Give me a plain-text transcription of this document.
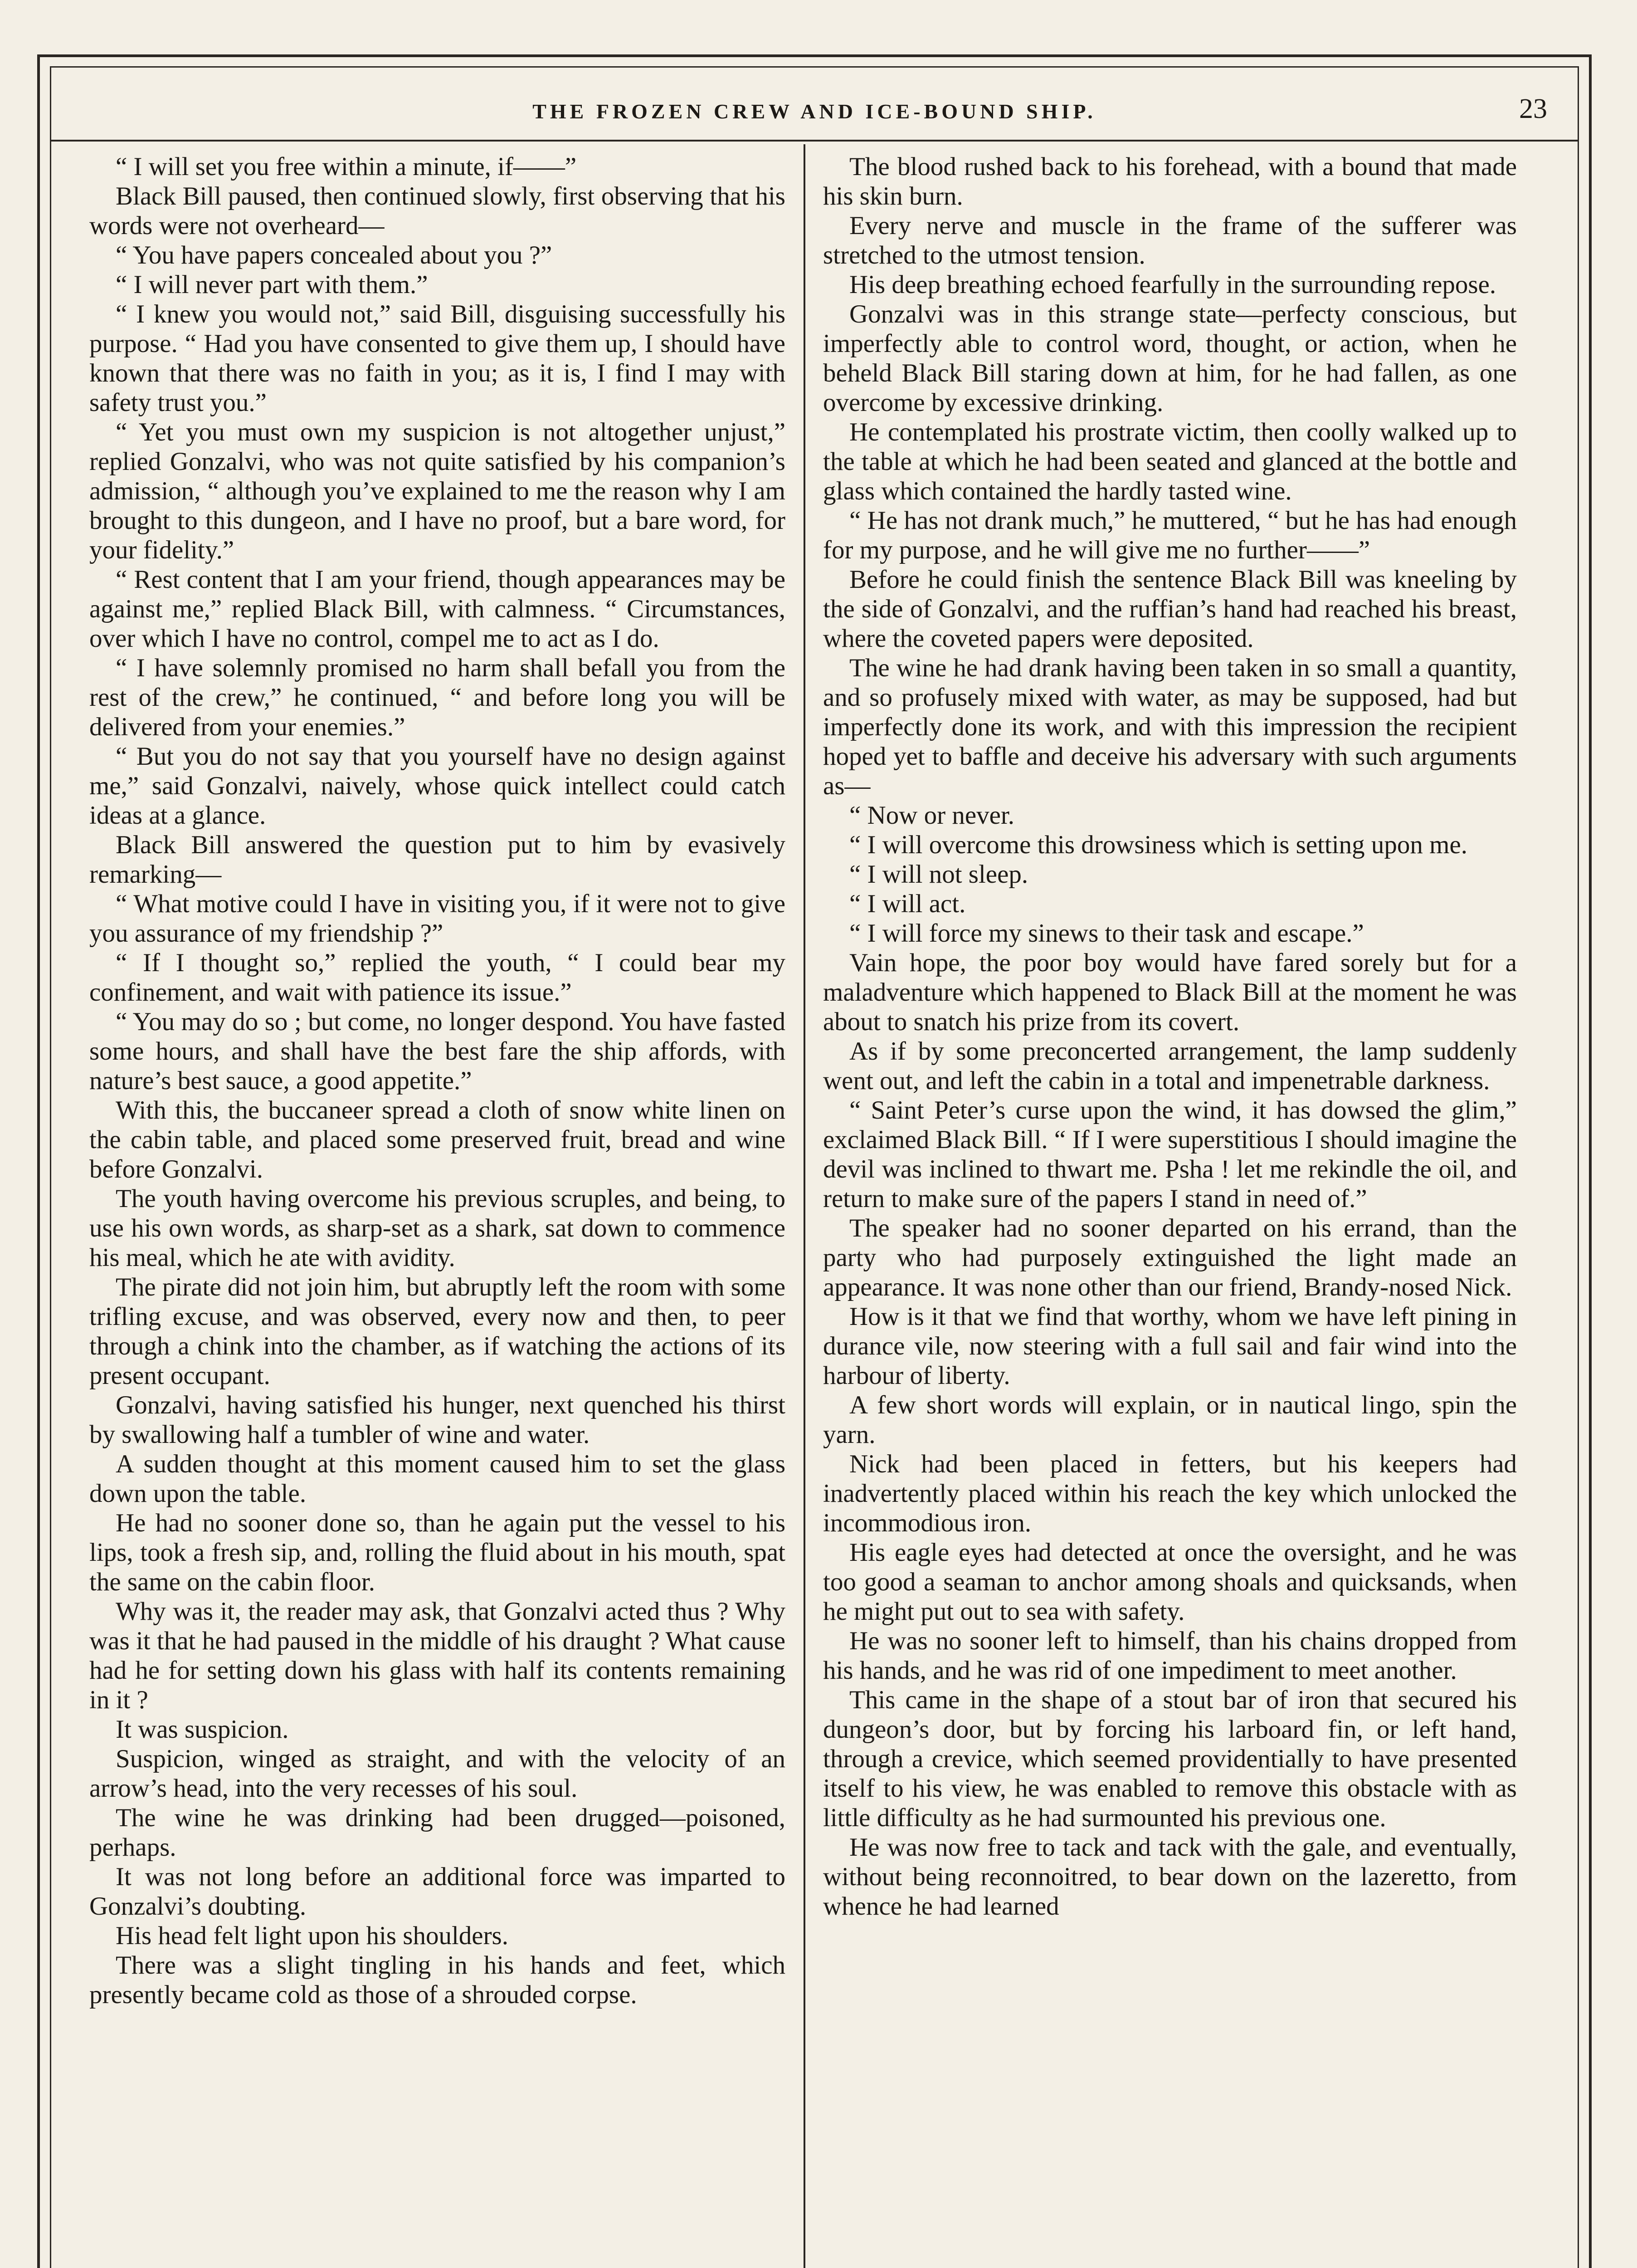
THE FROZEN CREW AND ICE-BOUND SHIP.	23

“ I will set you free within a minute, if——”

Black Bill paused, then continued slowly, first observing that his words were not overheard—

“ You have papers concealed about you ?”

“ I will never part with them.”

“ I knew you would not,” said Bill, disguising successfully his purpose. “ Had you have consented to give them up, I should have known that there was no faith in you; as it is, I find I may with safety trust you.”

“ Yet you must own my suspicion is not altogether unjust,” replied Gonzalvi, who was not quite satisfied by his companion’s admission, “ although you’ve explained to me the reason why I am brought to this dungeon, and I have no proof, but a bare word, for your fidelity.”

“ Rest content that I am your friend, though appearances may be against me,” replied Black Bill, with calmness. “ Circumstances, over which I have no control, compel me to act as I do.

“ I have solemnly promised no harm shall befall you from the rest of the crew,” he continued, “ and before long you will be delivered from your enemies.”

“ But you do not say that you yourself have no design against me,” said Gonzalvi, naively, whose quick intellect could catch ideas at a glance.

Black Bill answered the question put to him by evasively remarking—

“ What motive could I have in visiting you, if it were not to give you assurance of my friendship ?”

“ If I thought so,” replied the youth, “ I could bear my confinement, and wait with patience its issue.”

“ You may do so ; but come, no longer despond. You have fasted some hours, and shall have the best fare the ship affords, with nature’s best sauce, a good appetite.”

With this, the buccaneer spread a cloth of snow white linen on the cabin table, and placed some preserved fruit, bread and wine before Gonzalvi.

The youth having overcome his previous scruples, and being, to use his own words, as sharp-set as a shark, sat down to commence his meal, which he ate with avidity.

The pirate did not join him, but abruptly left the room with some trifling excuse, and was observed, every now and then, to peer through a chink into the chamber, as if watching the actions of its present occupant.

Gonzalvi, having satisfied his hunger, next quenched his thirst by swallowing half a tumbler of wine and water.

A sudden thought at this moment caused him to set the glass down upon the table.

He had no sooner done so, than he again put the vessel to his lips, took a fresh sip, and, rolling the fluid about in his mouth, spat the same on the cabin floor.

Why was it, the reader may ask, that Gonzalvi acted thus ? Why was it that he had paused in the middle of his draught ? What cause had he for setting down his glass with half its contents remaining in it ?

It was suspicion.

Suspicion, winged as straight, and with the velocity of an arrow’s head, into the very recesses of his soul.

The wine he was drinking had been drugged—poisoned, perhaps.

It was not long before an additional force was imparted to Gonzalvi’s doubting.

His head felt light upon his shoulders.

There was a slight tingling in his hands and feet, which presently became cold as those of a shrouded corpse.

The blood rushed back to his forehead, with a bound that made his skin burn.

Every nerve and muscle in the frame of the sufferer was stretched to the utmost tension.

His deep breathing echoed fearfully in the surrounding repose.

Gonzalvi was in this strange state—perfecty conscious, but imperfectly able to control word, thought, or action, when he beheld Black Bill staring down at him, for he had fallen, as one overcome by excessive drinking.

He contemplated his prostrate victim, then coolly walked up to the table at which he had been seated and glanced at the bottle and glass which contained the hardly tasted wine.

“ He has not drank much,” he muttered, “ but he has had enough for my purpose, and he will give me no further——”

Before he could finish the sentence Black Bill was kneeling by the side of Gonzalvi, and the ruffian’s hand had reached his breast, where the coveted papers were deposited.

The wine he had drank having been taken in so small a quantity, and so profusely mixed with water, as may be supposed, had but imperfectly done its work, and with this impression the recipient hoped yet to baffle and deceive his adversary with such arguments as—

“ Now or never.

“ I will overcome this drowsiness which is setting upon me.

“ I will not sleep.

“ I will act.

“ I will force my sinews to their task and escape.”

Vain hope, the poor boy would have fared sorely but for a maladventure which happened to Black Bill at the moment he was about to snatch his prize from its covert.

As if by some preconcerted arrangement, the lamp suddenly went out, and left the cabin in a total and impenetrable darkness.

“ Saint Peter’s curse upon the wind, it has dowsed the glim,” exclaimed Black Bill. “ If I were superstitious I should imagine the devil was inclined to thwart me. Psha ! let me rekindle the oil, and return to make sure of the papers I stand in need of.”

The speaker had no sooner departed on his errand, than the party who had purposely extinguished the light made an appearance. It was none other than our friend, Brandy-nosed Nick.

How is it that we find that worthy, whom we have left pining in durance vile, now steering with a full sail and fair wind into the harbour of liberty.

A few short words will explain, or in nautical lingo, spin the yarn.

Nick had been placed in fetters, but his keepers had inadvertently placed within his reach the key which unlocked the incommodious iron.

His eagle eyes had detected at once the oversight, and he was too good a seaman to anchor among shoals and quicksands, when he might put out to sea with safety.

He was no sooner left to himself, than his chains dropped from his hands, and he was rid of one impediment to meet another.

This came in the shape of a stout bar of iron that secured his dungeon’s door, but by forcing his larboard fin, or left hand, through a crevice, which seemed providentially to have presented itself to his view, he was enabled to remove this obstacle with as little difficulty as he had surmounted his previous one.

He was now free to tack and tack with the gale, and eventually, without being reconnoitred, to bear down on the lazeretto, from whence he had learned
